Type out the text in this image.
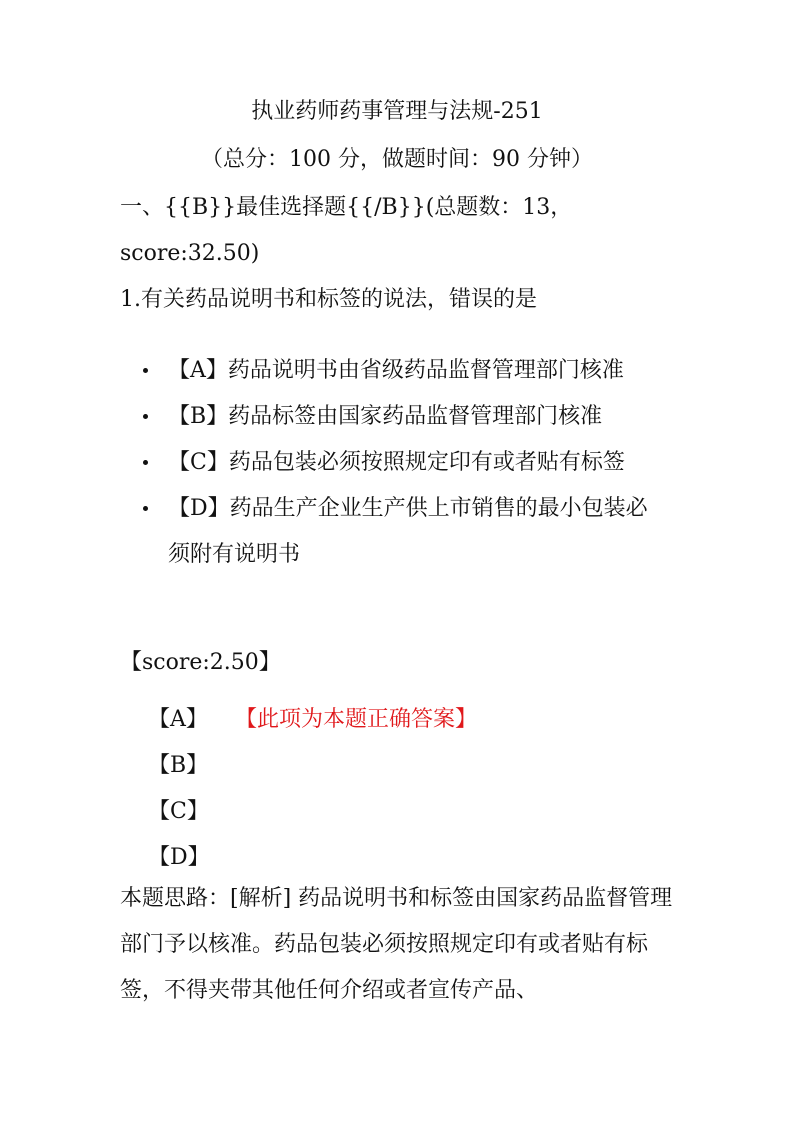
执业药师药事管理与法规-251
（总分：100 分，做题时间：90 分钟）
一、{{B}}最佳选择题{{/B}}(总题数：13，
score:32.50)
1.有关药品说明书和标签的说法，错误的是
【A】药品说明书由省级药品监督管理部门核准
【B】药品标签由国家药品监督管理部门核准
【C】药品包装必须按照规定印有或者贴有标签
【D】药品生产企业生产供上市销售的最小包装必须附有说明书
【score:2.50】
【A】 【此项为本题正确答案】
【B】
【C】
【D】
本题思路：[解析] 药品说明书和标签由国家药品监督管理部门予以核准。药品包装必须按照规定印有或者贴有标签，不得夹带其他任何介绍或者宣传产品、
